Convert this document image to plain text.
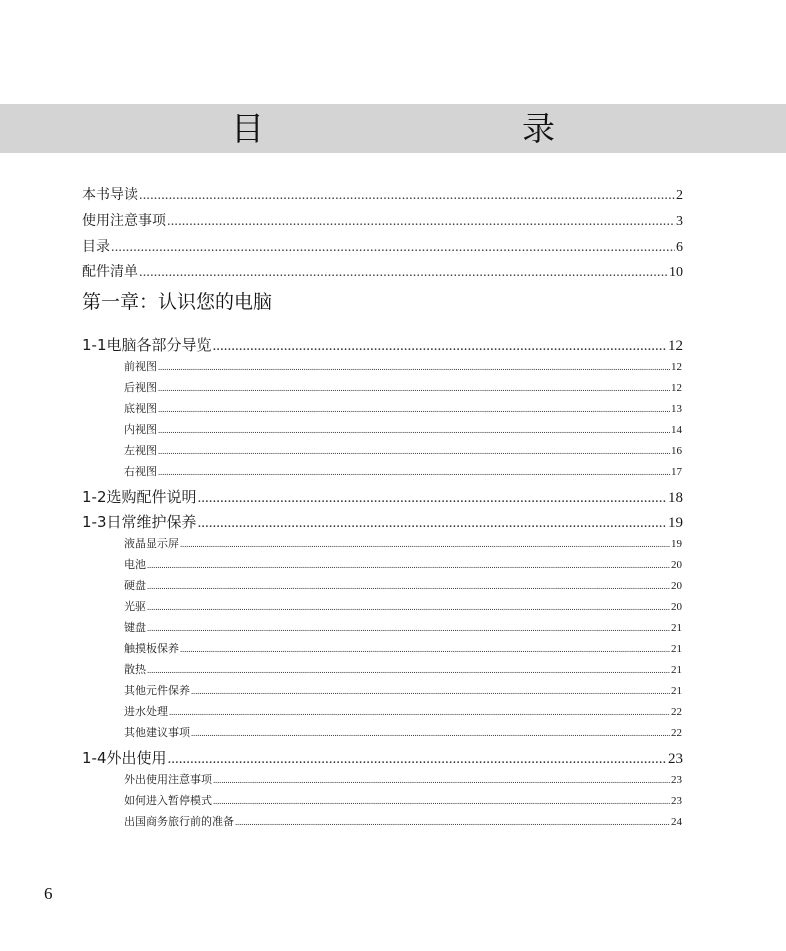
目　　录
本书导读 .....	2
使用注意事项 .....	3
目录 .....	6
配件清单 .....	10
第一章：认识您的电脑
1-1 电脑各部分导览 .....	12
前视图 .....	12
后视图 .....	12
底视图 .....	13
内视图 .....	14
左视图 .....	16
右视图 .....	17
1-2 选购配件说明 .....	18
1-3 日常维护保养 .....	19
液晶显示屏 .....	19
电池 .....	20
硬盘 .....	20
光驱 .....	20
键盘 .....	21
触摸板保养 .....	21
散热 .....	21
其他元件保养 .....	21
进水处理 .....	22
其他建议事项 .....	22
1-4 外出使用 .....	23
外出使用注意事项 .....	23
如何进入暂停模式 .....	23
出国商务旅行前的准备 .....	24
6
